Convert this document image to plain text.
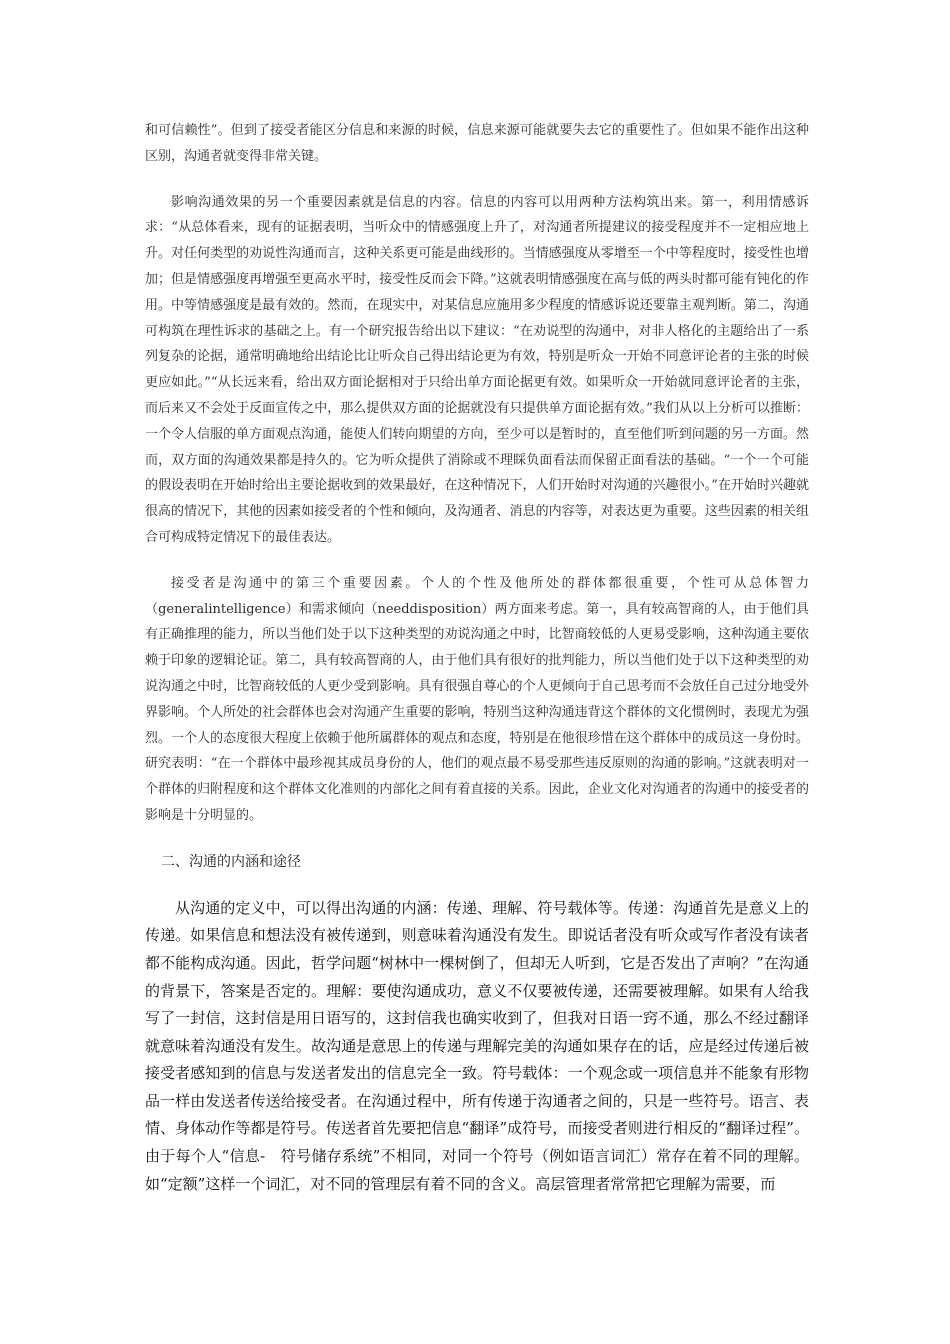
和可信赖性”。但到了接受者能区分信息和来源的时候，信息来源可能就要失去它的重要性了。但如果不能作出这种区别，沟通者就变得非常关键。

影响沟通效果的另一个重要因素就是信息的内容。信息的内容可以用两种方法构筑出来。第一，利用情感诉求：“从总体看来，现有的证据表明，当听众中的情感强度上升了，对沟通者所提建议的接受程度并不一定相应地上升。对任何类型的劝说性沟通而言，这种关系更可能是曲线形的。当情感强度从零增至一个中等程度时，接受性也增加；但是情感强度再增强至更高水平时，接受性反而会下降。”这就表明情感强度在高与低的两头时都可能有钝化的作用。中等情感强度是最有效的。然而，在现实中，对某信息应施用多少程度的情感诉说还要靠主观判断。第二，沟通可构筑在理性诉求的基础之上。有一个研究报告给出以下建议：“在劝说型的沟通中，对非人格化的主题给出了一系列复杂的论据，通常明确地给出结论比让听众自己得出结论更为有效，特别是听众一开始不同意评论者的主张的时候更应如此。”“从长远来看，给出双方面论据相对于只给出单方面论据更有效。如果听众一开始就同意评论者的主张，而后来又不会处于反面宣传之中，那么提供双方面的论据就没有只提供单方面论据有效。”我们从以上分析可以推断：一个令人信服的单方面观点沟通，能使人们转向期望的方向，至少可以是暂时的，直至他们听到问题的另一方面。然而，双方面的沟通效果都是持久的。它为听众提供了消除或不理睬负面看法而保留正面看法的基础。“一个一个可能的假设表明在开始时给出主要论据收到的效果最好，在这种情况下，人们开始时对沟通的兴趣很小。”在开始时兴趣就很高的情况下，其他的因素如接受者的个性和倾向，及沟通者、消息的内容等，对表达更为重要。这些因素的相关组合可构成特定情况下的最佳表达。

接受者是沟通中的第三个重要因素。个人的个性及他所处的群体都很重要，个性可从总体智力（generalintelligence）和需求倾向（needdisposition）两方面来考虑。第一，具有较高智商的人，由于他们具有正确推理的能力，所以当他们处于以下这种类型的劝说沟通之中时，比智商较低的人更易受影响，这种沟通主要依赖于印象的逻辑论证。第二，具有较高智商的人，由于他们具有很好的批判能力，所以当他们处于以下这种类型的劝说沟通之中时，比智商较低的人更少受到影响。具有很强自尊心的个人更倾向于自己思考而不会放任自己过分地受外界影响。个人所处的社会群体也会对沟通产生重要的影响，特别当这种沟通违背这个群体的文化惯例时，表现尤为强烈。一个人的态度很大程度上依赖于他所属群体的观点和态度，特别是在他很珍惜在这个群体中的成员这一身份时。研究表明：“在一个群体中最珍视其成员身份的人，他们的观点最不易受那些违反原则的沟通的影响。”这就表明对一个群体的归附程度和这个群体文化准则的内部化之间有着直接的关系。因此，企业文化对沟通者的沟通中的接受者的影响是十分明显的。

二、沟通的内涵和途径

从沟通的定义中，可以得出沟通的内涵：传递、理解、符号载体等。传递：沟通首先是意义上的传递。如果信息和想法没有被传递到，则意味着沟通没有发生。即说话者没有听众或写作者没有读者都不能构成沟通。因此，哲学问题“树林中一棵树倒了，但却无人听到，它是否发出了声响？”在沟通的背景下，答案是否定的。理解：要使沟通成功，意义不仅要被传递，还需要被理解。如果有人给我写了一封信，这封信是用日语写的，这封信我也确实收到了，但我对日语一窍不通，那么不经过翻译就意味着沟通没有发生。故沟通是意思上的传递与理解完美的沟通如果存在的话，应是经过传递后被接受者感知到的信息与发送者发出的信息完全一致。符号载体：一个观念或一项信息并不能象有形物品一样由发送者传送给接受者。在沟通过程中，所有传递于沟通者之间的，只是一些符号。语言、表情、身体动作等都是符号。传送者首先要把信息“翻译”成符号，而接受者则进行相反的“翻译过程”。由于每个人“信息-　符号储存系统”不相同，对同一个符号（例如语言词汇）常存在着不同的理解。如“定额”这样一个词汇，对不同的管理层有着不同的含义。高层管理者常常把它理解为需要，而
